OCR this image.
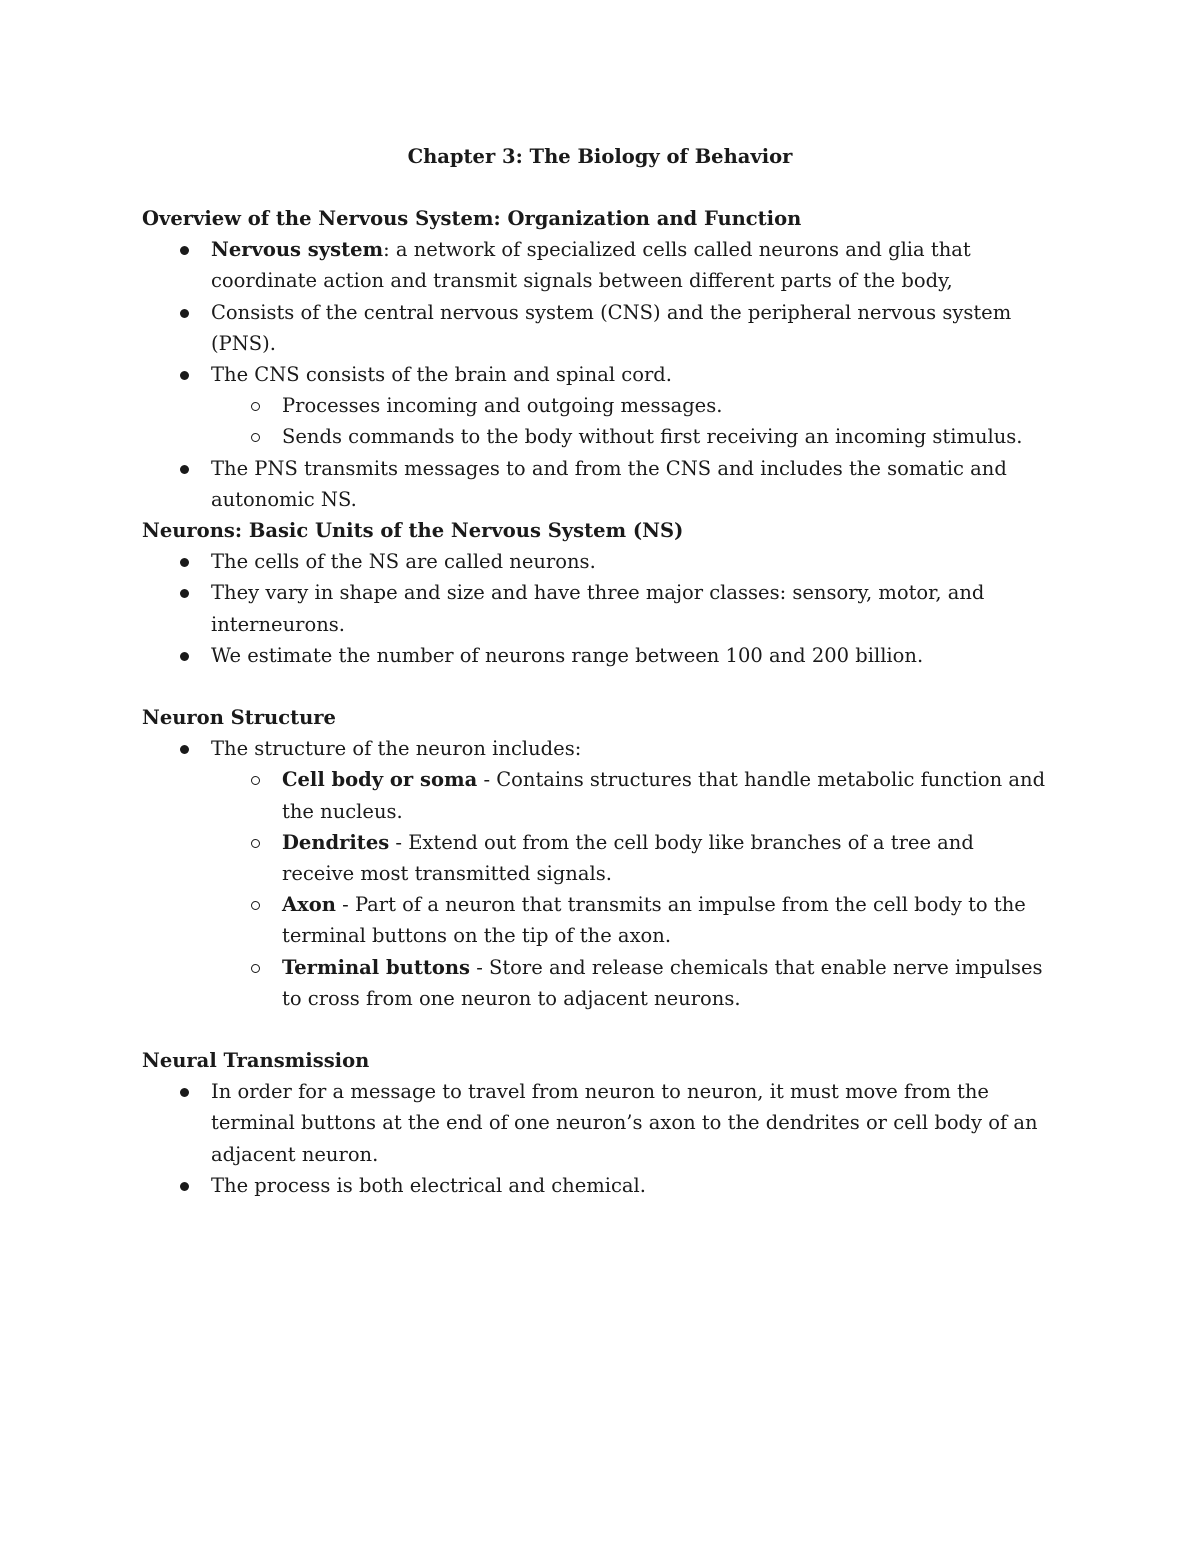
Chapter 3: The Biology of Behavior

Overview of the Nervous System: Organization and Function

Nervous system: a network of specialized cells called neurons and glia that coordinate action and transmit signals between different parts of the body,
Consists of the central nervous system (CNS) and the peripheral nervous system (PNS).
The CNS consists of the brain and spinal cord.
Processes incoming and outgoing messages.
Sends commands to the body without first receiving an incoming stimulus.
The PNS transmits messages to and from the CNS and includes the somatic and autonomic NS.

Neurons: Basic Units of the Nervous System (NS)

The cells of the NS are called neurons.
They vary in shape and size and have three major classes: sensory, motor, and interneurons.
We estimate the number of neurons range between 100 and 200 billion.

Neuron Structure

The structure of the neuron includes:
Cell body or soma - Contains structures that handle metabolic function and the nucleus.
Dendrites - Extend out from the cell body like branches of a tree and receive most transmitted signals.
Axon - Part of a neuron that transmits an impulse from the cell body to the terminal buttons on the tip of the axon.
Terminal buttons - Store and release chemicals that enable nerve impulses to cross from one neuron to adjacent neurons.

Neural Transmission

In order for a message to travel from neuron to neuron, it must move from the terminal buttons at the end of one neuron’s axon to the dendrites or cell body of an adjacent neuron.
The process is both electrical and chemical.
